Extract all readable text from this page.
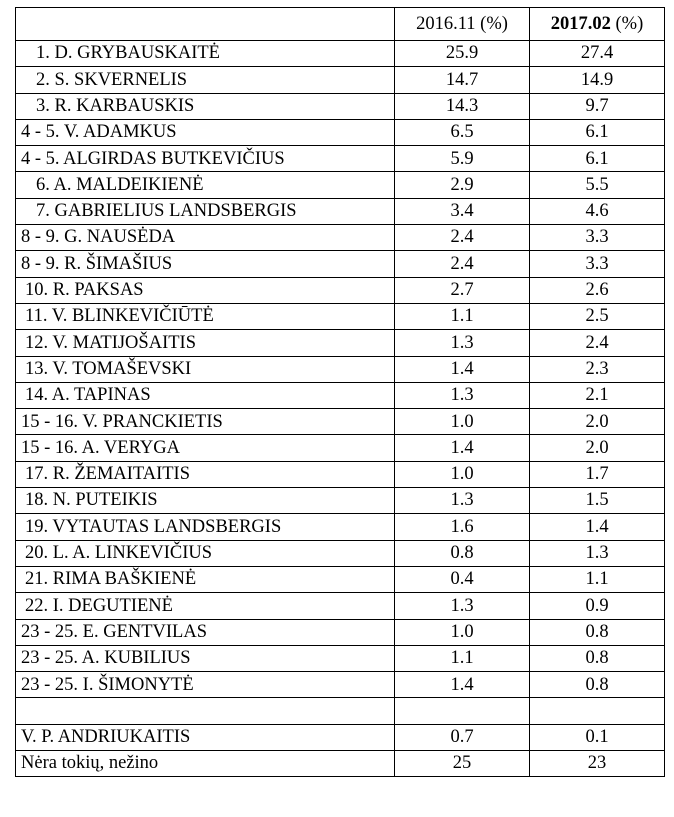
	2016.11 (%)	2017.02 (%)
1. D. GRYBAUSKAITĖ	25.9	27.4
2. S. SKVERNELIS	14.7	14.9
3. R. KARBAUSKIS	14.3	9.7
4 - 5. V. ADAMKUS	6.5	6.1
4 - 5. ALGIRDAS BUTKEVIČIUS	5.9	6.1
6. A. MALDEIKIENĖ	2.9	5.5
7. GABRIELIUS LANDSBERGIS	3.4	4.6
8 - 9. G. NAUSĖDA	2.4	3.3
8 - 9. R. ŠIMAŠIUS	2.4	3.3
10. R. PAKSAS	2.7	2.6
11. V. BLINKEVIČIŪTĖ	1.1	2.5
12. V. MATIJOŠAITIS	1.3	2.4
13. V. TOMAŠEVSKI	1.4	2.3
14. A. TAPINAS	1.3	2.1
15 - 16. V. PRANCKIETIS	1.0	2.0
15 - 16. A. VERYGA	1.4	2.0
17. R. ŽEMAITAITIS	1.0	1.7
18. N. PUTEIKIS	1.3	1.5
19. VYTAUTAS LANDSBERGIS	1.6	1.4
20. L. A. LINKEVIČIUS	0.8	1.3
21. RIMA BAŠKIENĖ	0.4	1.1
22. I. DEGUTIENĖ	1.3	0.9
23 - 25. E. GENTVILAS	1.0	0.8
23 - 25. A. KUBILIUS	1.1	0.8
23 - 25. I. ŠIMONYTĖ	1.4	0.8

V. P. ANDRIUKAITIS	0.7	0.1
Nėra tokių, nežino	25	23
